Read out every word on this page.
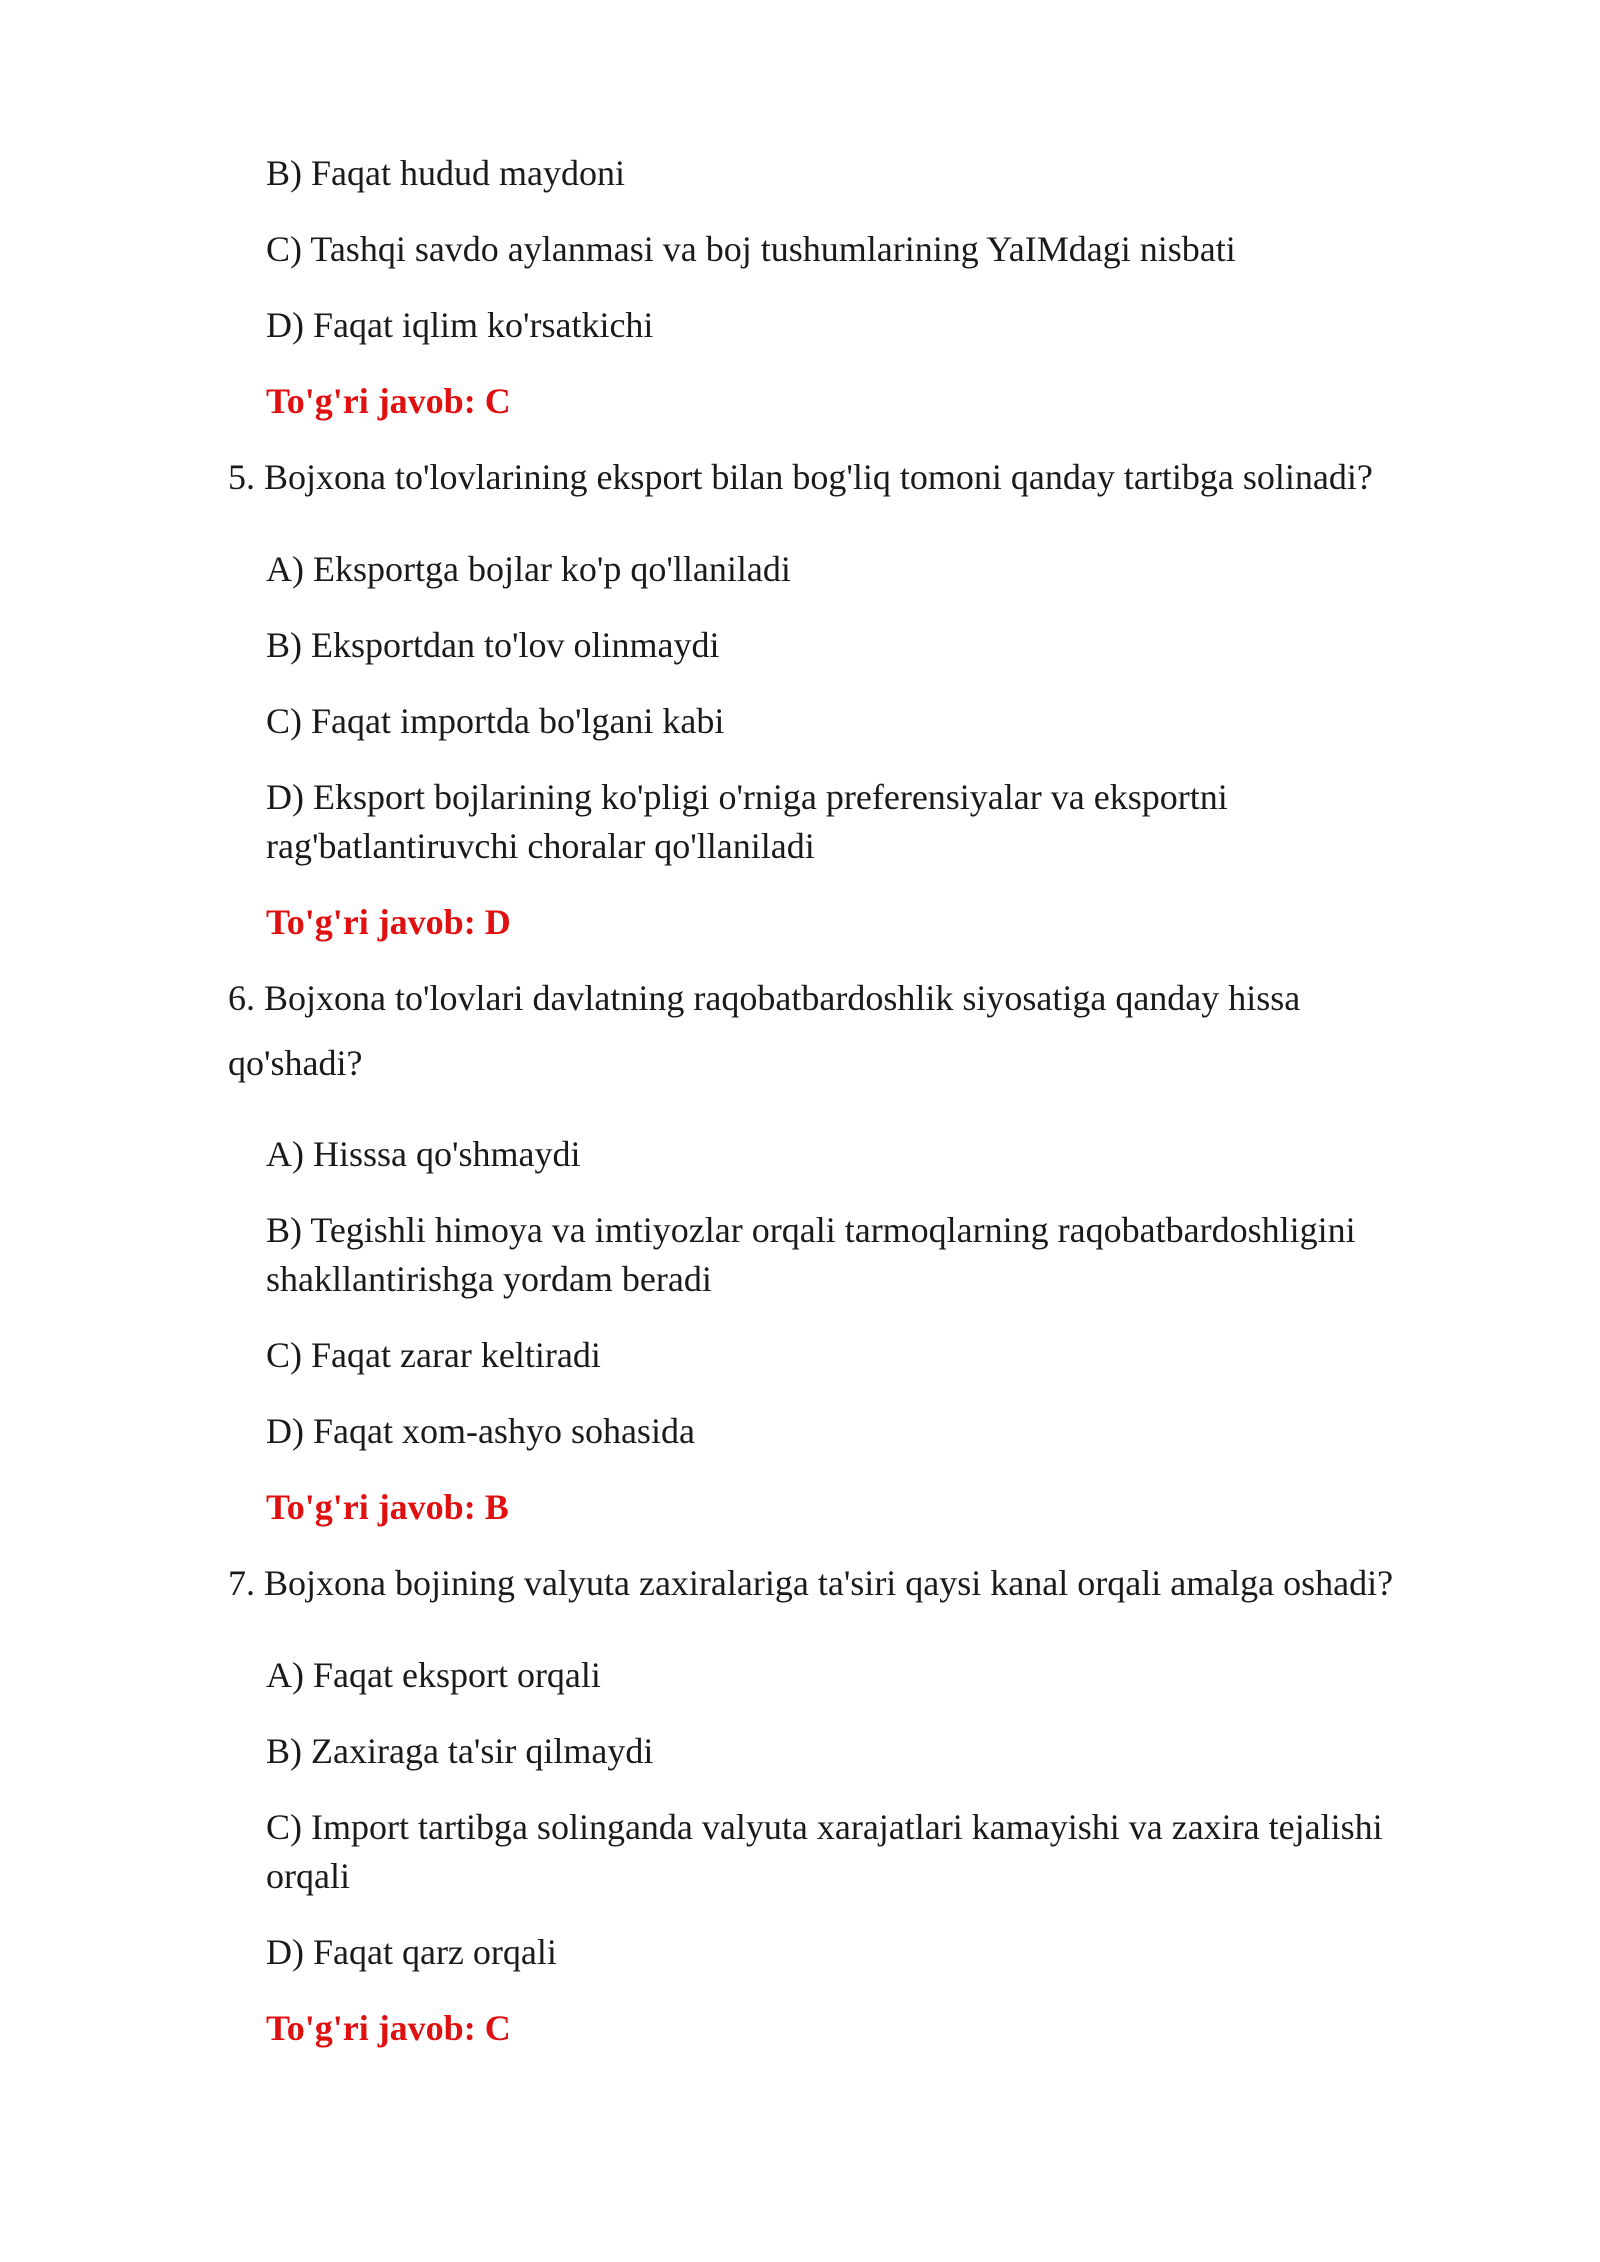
B) Faqat hudud maydoni
C) Tashqi savdo aylanmasi va boj tushumlarining YaIMdagi nisbati
D) Faqat iqlim ko'rsatkichi
To'g'ri javob: C
5. Bojxona to'lovlarining eksport bilan bog'liq tomoni qanday tartibga solinadi?
A) Eksportga bojlar ko'p qo'llaniladi
B) Eksportdan to'lov olinmaydi
C) Faqat importda bo'lgani kabi
D) Eksport bojlarining ko'pligi o'rniga preferensiyalar va eksportni
rag'batlantiruvchi choralar qo'llaniladi
To'g'ri javob: D
6. Bojxona to'lovlari davlatning raqobatbardoshlik siyosatiga qanday hissa
qo'shadi?
A) Hisssa qo'shmaydi
B) Tegishli himoya va imtiyozlar orqali tarmoqlarning raqobatbardoshligini
shakllantirishga yordam beradi
C) Faqat zarar keltiradi
D) Faqat xom-ashyo sohasida
To'g'ri javob: B
7. Bojxona bojining valyuta zaxiralariga ta'siri qaysi kanal orqali amalga oshadi?
A) Faqat eksport orqali
B) Zaxiraga ta'sir qilmaydi
C) Import tartibga solinganda valyuta xarajatlari kamayishi va zaxira tejalishi
orqali
D) Faqat qarz orqali
To'g'ri javob: C
